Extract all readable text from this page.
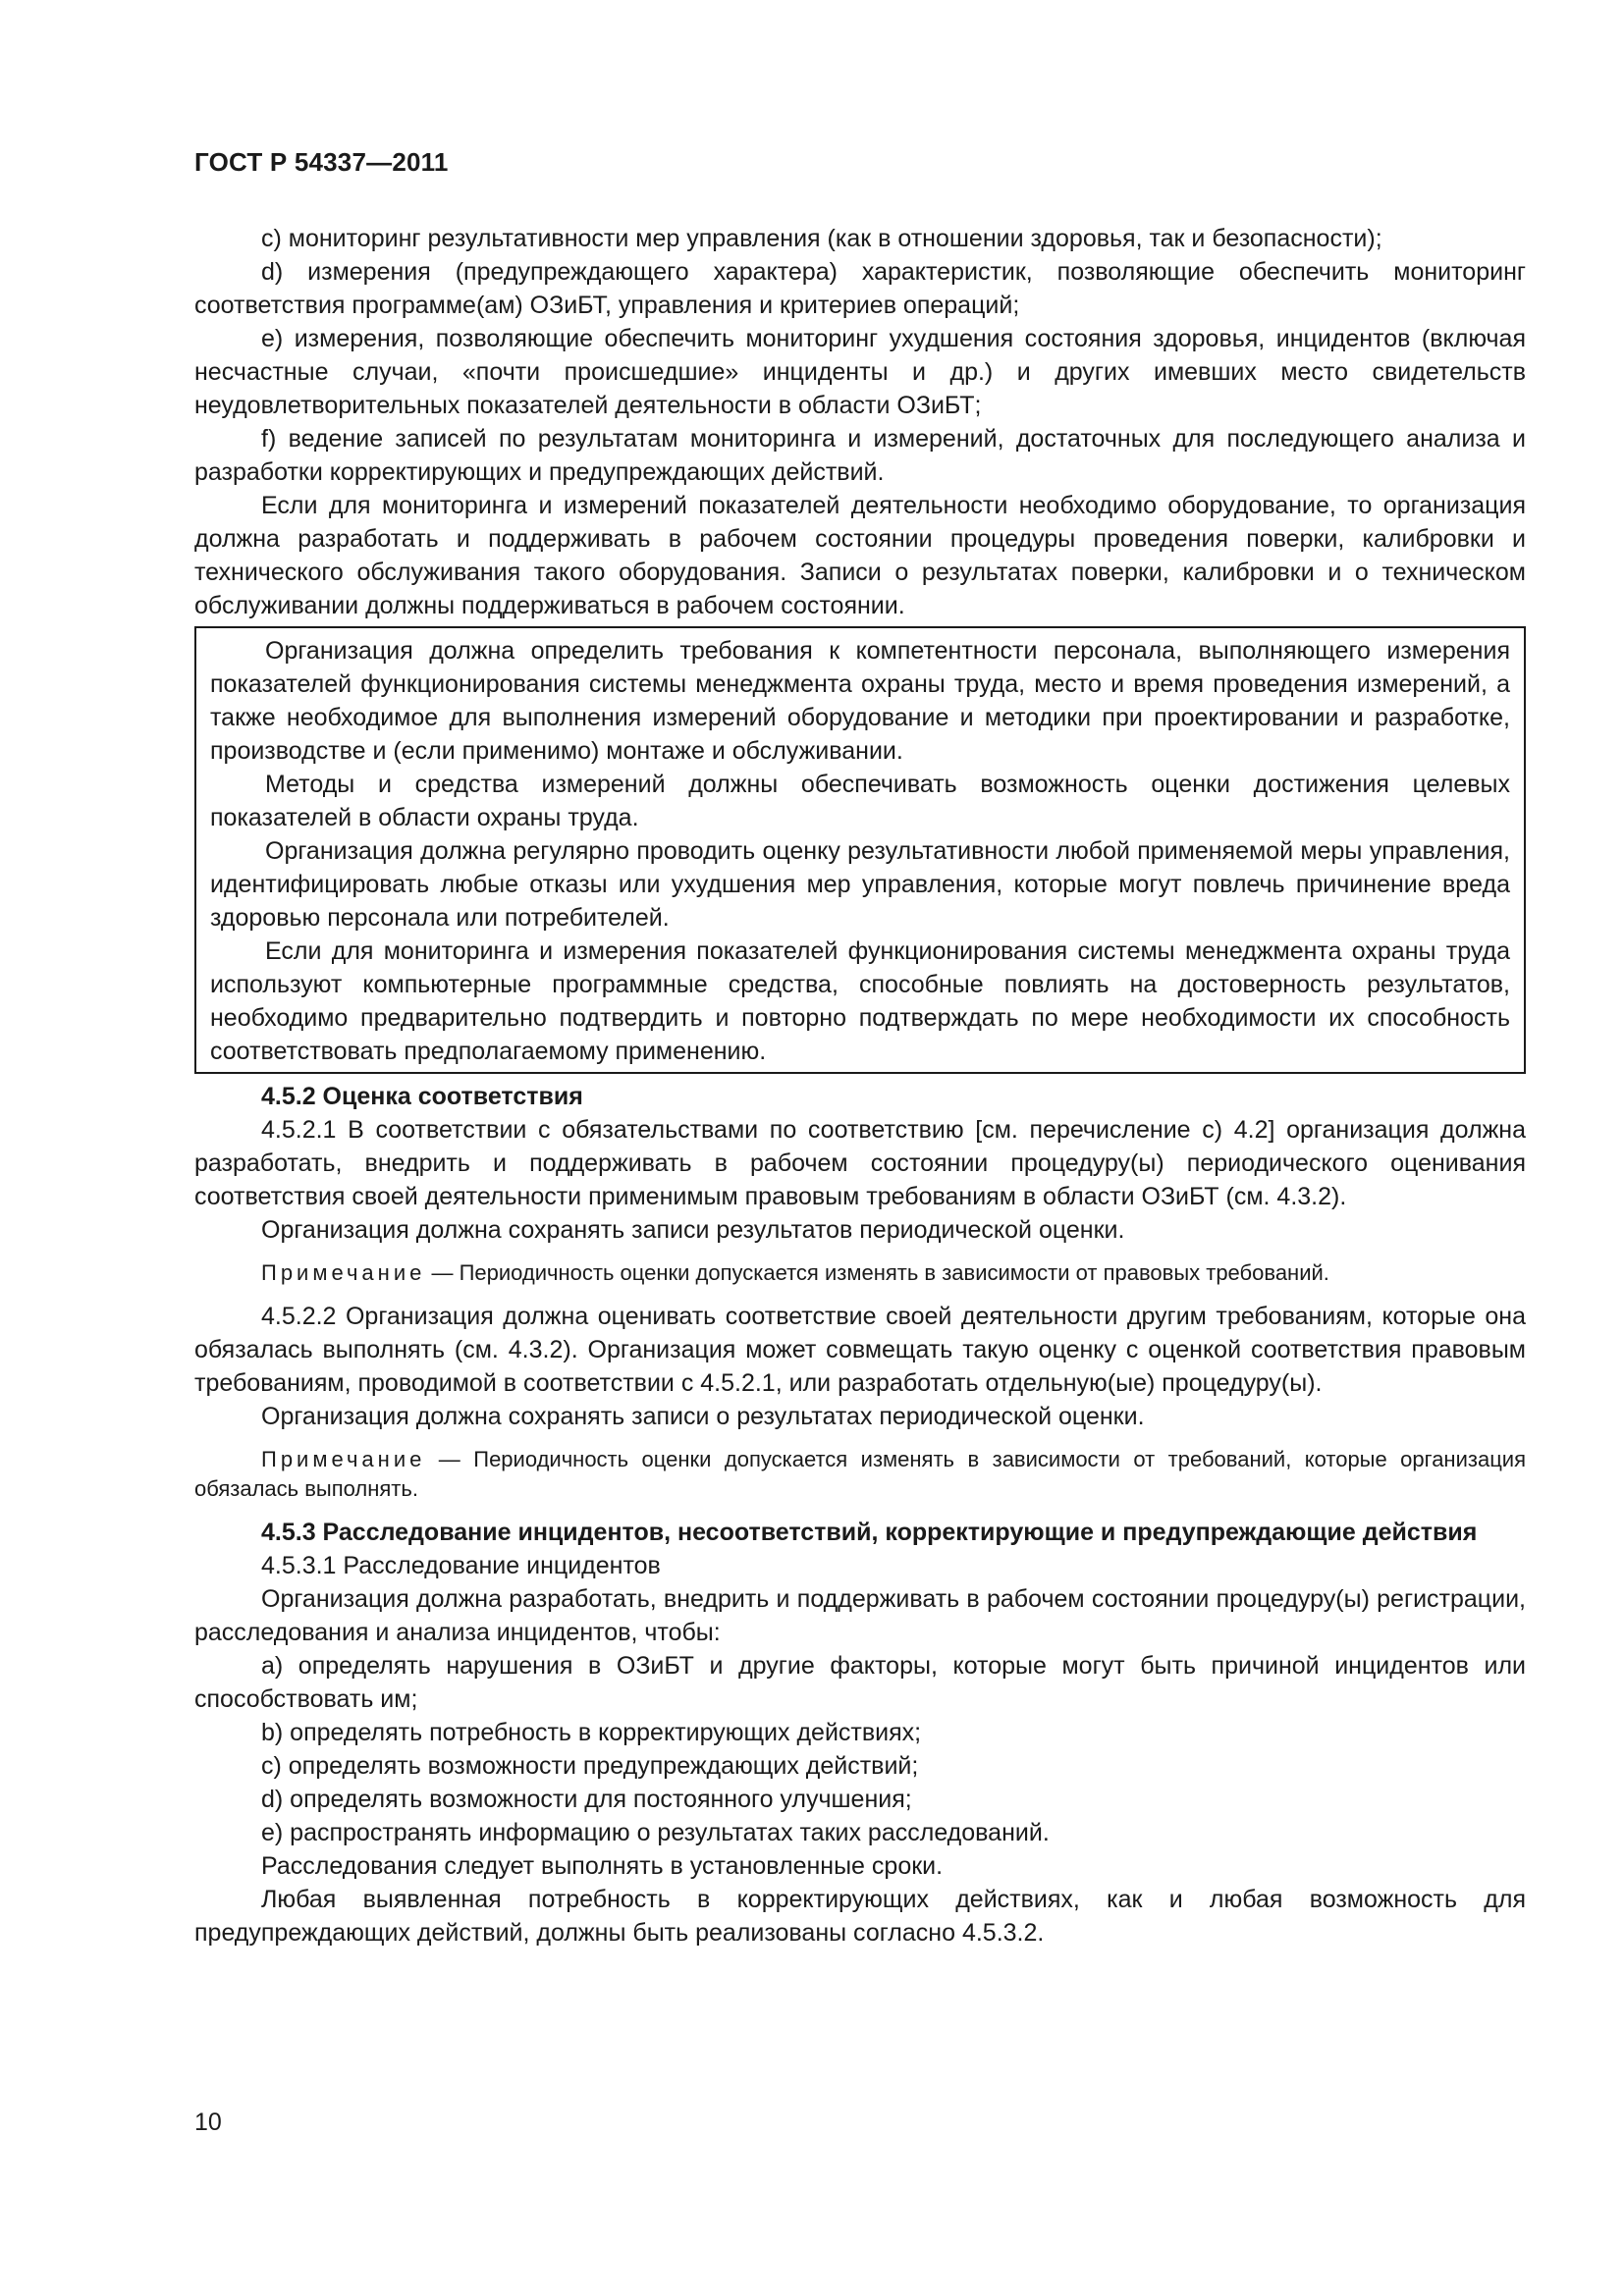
ГОСТ Р 54337—2011

с) мониторинг результативности мер управления (как в отношении здоровья, так и безопасности);

d) измерения (предупреждающего характера) характеристик, позволяющие обеспечить мониторинг соответствия программе(ам) ОЗиБТ, управления и критериев операций;

е) измерения, позволяющие обеспечить мониторинг ухудшения состояния здоровья, инцидентов (включая несчастные случаи, «почти происшедшие» инциденты и др.) и других имевших место свидетельств неудовлетворительных показателей деятельности в области ОЗиБТ;

f) ведение записей по результатам мониторинга и измерений, достаточных для последующего анализа и разработки корректирующих и предупреждающих действий.

Если для мониторинга и измерений показателей деятельности необходимо оборудование, то организация должна разработать и поддерживать в рабочем состоянии процедуры проведения поверки, калибровки и технического обслуживания такого оборудования. Записи о результатах поверки, калибровки и о техническом обслуживании должны поддерживаться в рабочем состоянии.

Организация должна определить требования к компетентности персонала, выполняющего измерения показателей функционирования системы менеджмента охраны труда, место и время проведения измерений, а также необходимое для выполнения измерений оборудование и методики при проектировании и разработке, производстве и (если применимо) монтаже и обслуживании.

Методы и средства измерений должны обеспечивать возможность оценки достижения целевых показателей в области охраны труда.

Организация должна регулярно проводить оценку результативности любой применяемой меры управления, идентифицировать любые отказы или ухудшения мер управления, которые могут повлечь причинение вреда здоровью персонала или потребителей.

Если для мониторинга и измерения показателей функционирования системы менеджмента охраны труда используют компьютерные программные средства, способные повлиять на достоверность результатов, необходимо предварительно подтвердить и повторно подтверждать по мере необходимости их способность соответствовать предполагаемому применению.

4.5.2 Оценка соответствия

4.5.2.1 В соответствии с обязательствами по соответствию [см. перечисление с) 4.2] организация должна разработать, внедрить и поддерживать в рабочем состоянии процедуру(ы) периодического оценивания соответствия своей деятельности применимым правовым требованиям в области ОЗиБТ (см. 4.3.2).

Организация должна сохранять записи результатов периодической оценки.

Примечание — Периодичность оценки допускается изменять в зависимости от правовых требований.

4.5.2.2 Организация должна оценивать соответствие своей деятельности другим требованиям, которые она обязалась выполнять (см. 4.3.2). Организация может совмещать такую оценку с оценкой соответствия правовым требованиям, проводимой в соответствии с 4.5.2.1, или разработать отдельную(ые) процедуру(ы).

Организация должна сохранять записи о результатах периодической оценки.

Примечание — Периодичность оценки допускается изменять в зависимости от требований, которые организация обязалась выполнять.

4.5.3 Расследование инцидентов, несоответствий, корректирующие и предупреждающие действия

4.5.3.1 Расследование инцидентов

Организация должна разработать, внедрить и поддерживать в рабочем состоянии процедуру(ы) регистрации, расследования и анализа инцидентов, чтобы:

а) определять нарушения в ОЗиБТ и другие факторы, которые могут быть причиной инцидентов или способствовать им;

b) определять потребность в корректирующих действиях;

с) определять возможности предупреждающих действий;

d) определять возможности для постоянного улучшения;

е) распространять информацию о результатах таких расследований.

Расследования следует выполнять в установленные сроки.

Любая выявленная потребность в корректирующих действиях, как и любая возможность для предупреждающих действий, должны быть реализованы согласно 4.5.3.2.

10
